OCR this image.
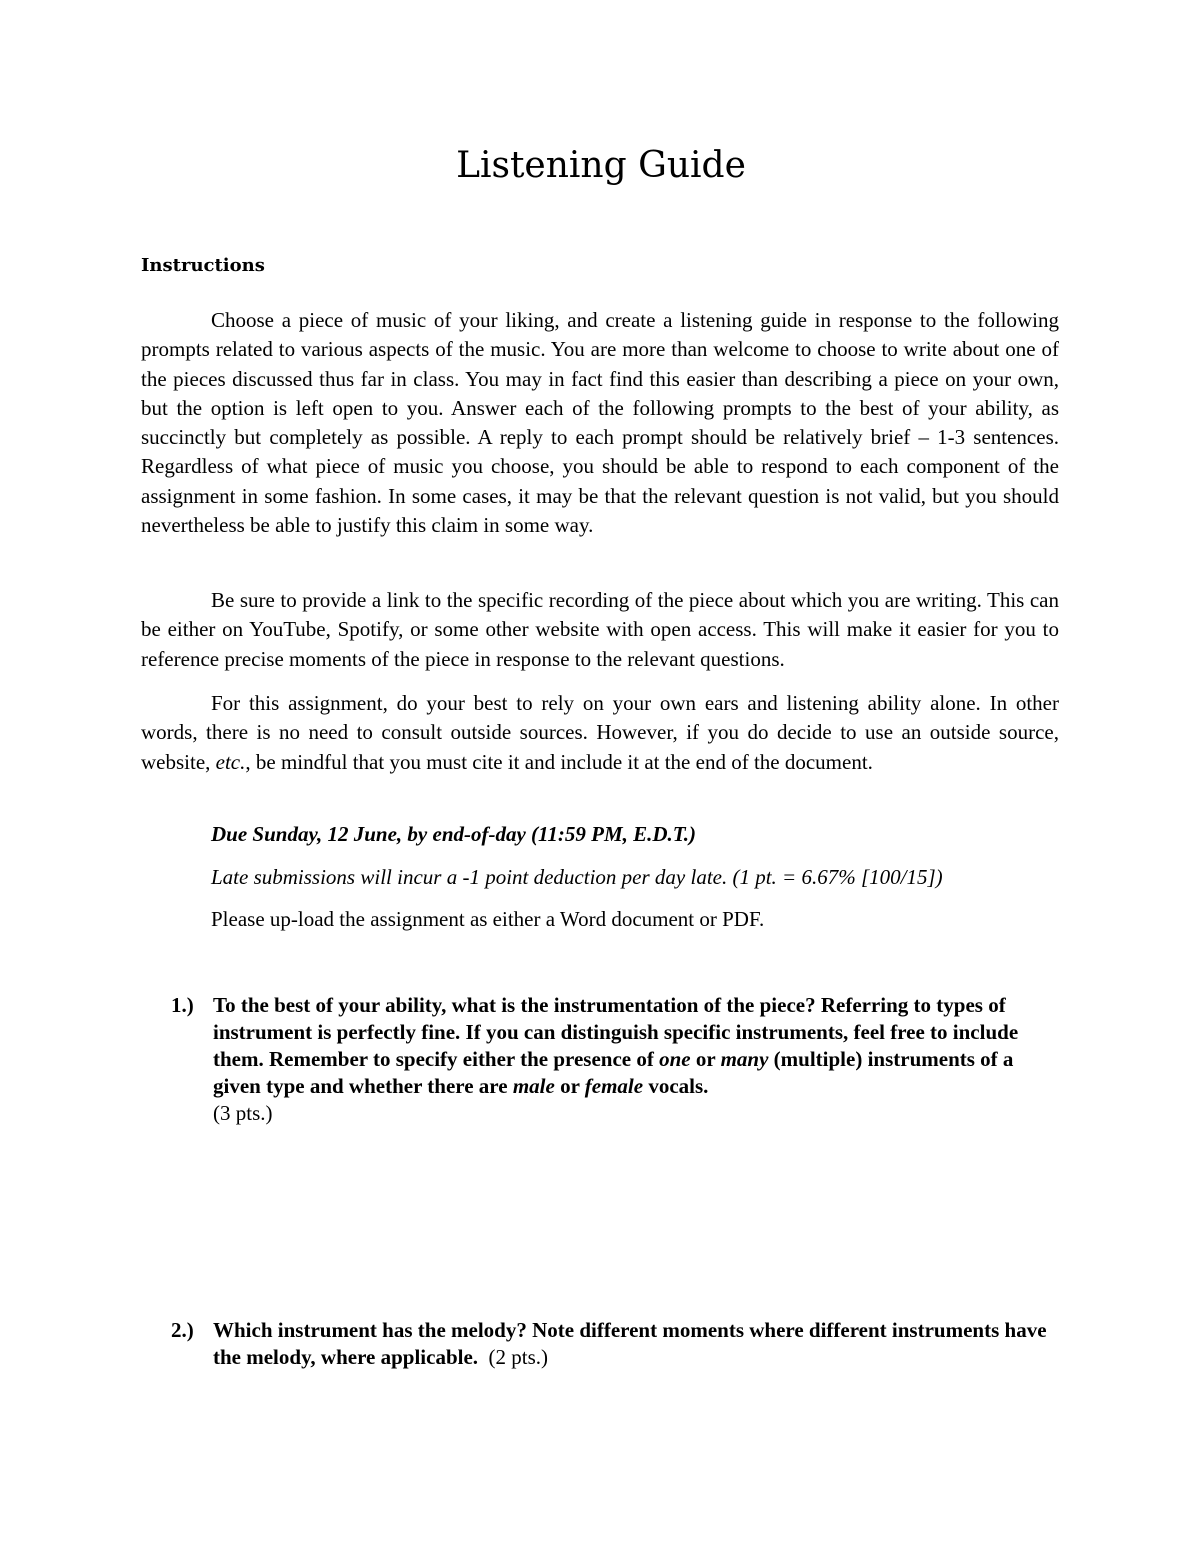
Listening Guide
Instructions

Choose a piece of music of your liking, and create a listening guide in response to the following prompts related to various aspects of the music. You are more than welcome to choose to write about one of the pieces discussed thus far in class. You may in fact find this easier than describing a piece on your own, but the option is left open to you. Answer each of the following prompts to the best of your ability, as succinctly but completely as possible. A reply to each prompt should be relatively brief – 1-3 sentences. Regardless of what piece of music you choose, you should be able to respond to each component of the assignment in some fashion. In some cases, it may be that the relevant question is not valid, but you should nevertheless be able to justify this claim in some way.

Be sure to provide a link to the specific recording of the piece about which you are writing. This can be either on YouTube, Spotify, or some other website with open access. This will make it easier for you to reference precise moments of the piece in response to the relevant questions.

For this assignment, do your best to rely on your own ears and listening ability alone. In other words, there is no need to consult outside sources. However, if you do decide to use an outside source, website, etc., be mindful that you must cite it and include it at the end of the document.

Due Sunday, 12 June, by end-of-day (11:59 PM, E.D.T.)

Late submissions will incur a -1 point deduction per day late. (1 pt. = 6.67% [100/15])

Please up-load the assignment as either a Word document or PDF.

1.) To the best of your ability, what is the instrumentation of the piece? Referring to types of instrument is perfectly fine. If you can distinguish specific instruments, feel free to include them. Remember to specify either the presence of one or many (multiple) instruments of a given type and whether there are male or female vocals.
(3 pts.)
2.) Which instrument has the melody? Note different moments where different instruments have the melody, where applicable. (2 pts.)
